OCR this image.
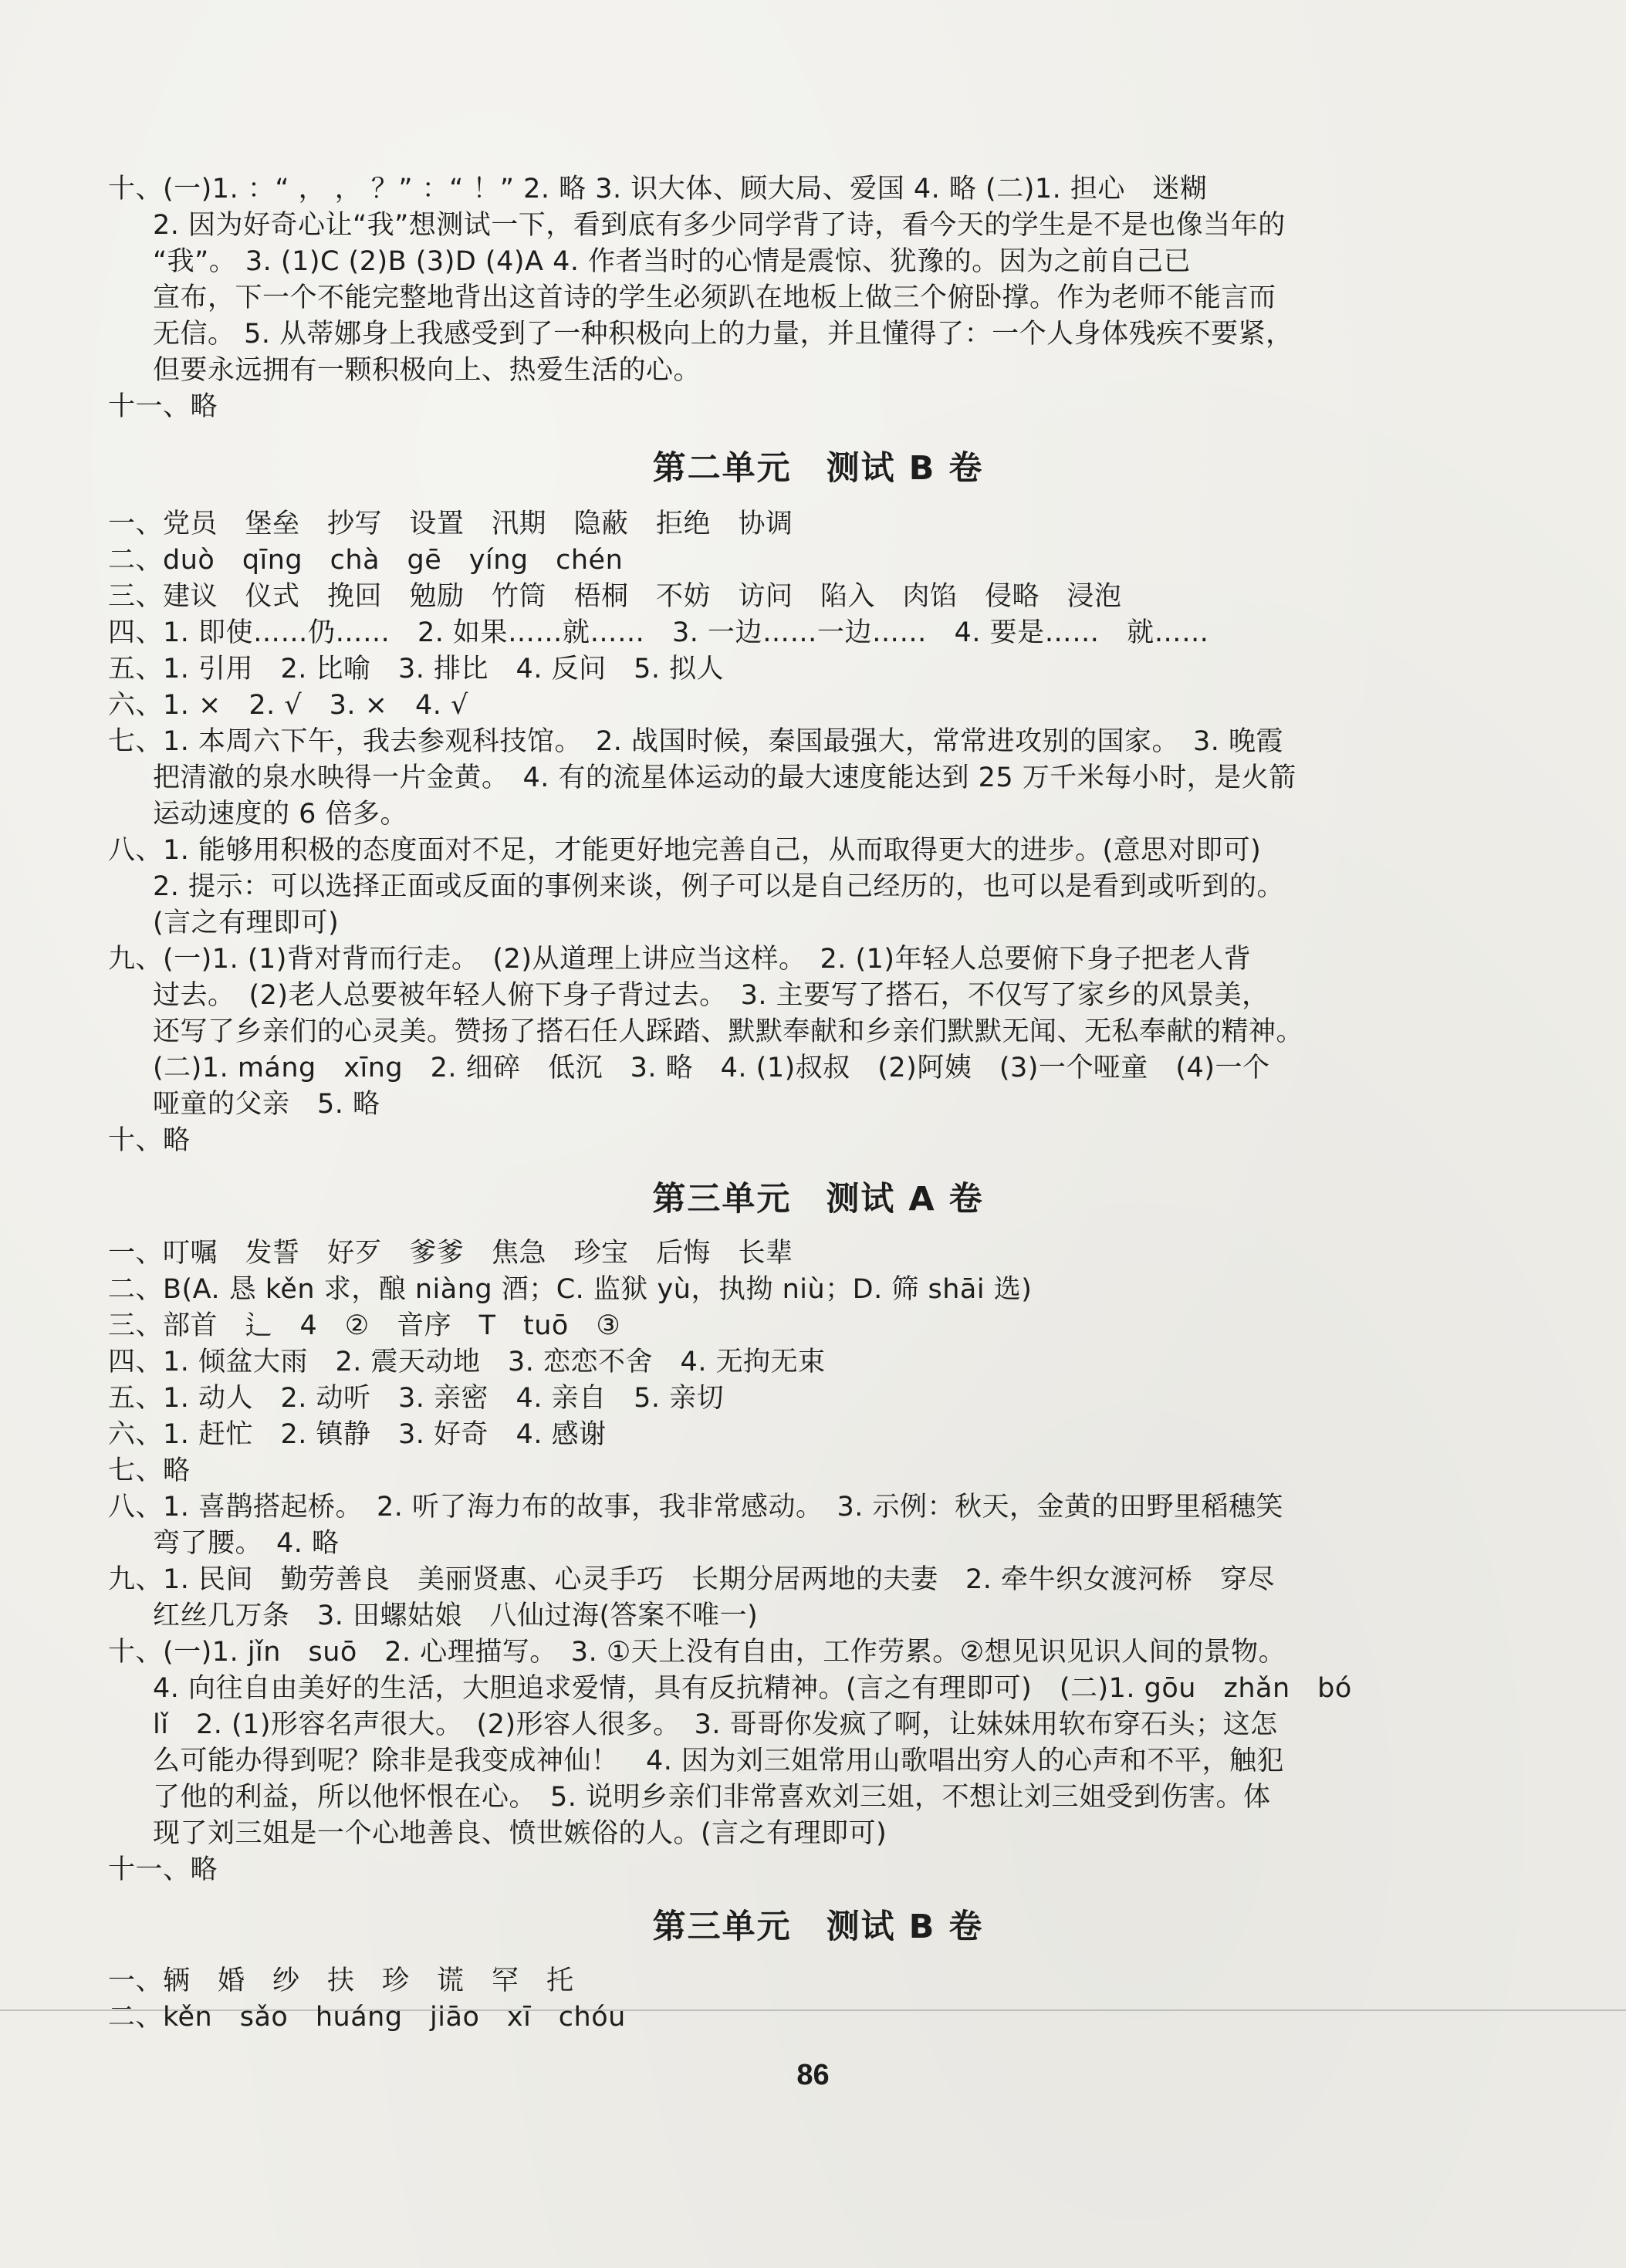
十、(一)1. ：“ ， ， ？” ：“ ！” 2. 略 3. 识大体、顾大局、爱国 4. 略 (二)1. 担心　迷糊
2. 因为好奇心让“我”想测试一下，看到底有多少同学背了诗，看今天的学生是不是也像当年的
“我”。 3. (1)C (2)B (3)D (4)A 4. 作者当时的心情是震惊、犹豫的。因为之前自己已
宣布，下一个不能完整地背出这首诗的学生必须趴在地板上做三个俯卧撑。作为老师不能言而
无信。 5. 从蒂娜身上我感受到了一种积极向上的力量，并且懂得了：一个人身体残疾不要紧，
但要永远拥有一颗积极向上、热爱生活的心。
十一、略
第二单元　测试 B 卷
一、党员　堡垒　抄写　设置　汛期　隐蔽　拒绝　协调
二、duò　qīng　chà　gē　yíng　chén
三、建议　仪式　挽回　勉励　竹筒　梧桐　不妨　访问　陷入　肉馅　侵略　浸泡
四、1. 即使……仍……　2. 如果……就……　3. 一边……一边……　4. 要是……　就……
五、1. 引用　2. 比喻　3. 排比　4. 反问　5. 拟人
六、1. ×　2. √　3. ×　4. √
七、1. 本周六下午，我去参观科技馆。　2. 战国时候，秦国最强大，常常进攻别的国家。　3. 晚霞
把清澈的泉水映得一片金黄。　4. 有的流星体运动的最大速度能达到 25 万千米每小时，是火箭
运动速度的 6 倍多。
八、1. 能够用积极的态度面对不足，才能更好地完善自己，从而取得更大的进步。(意思对即可)
2. 提示：可以选择正面或反面的事例来谈，例子可以是自己经历的，也可以是看到或听到的。
(言之有理即可)
九、(一)1. (1)背对背而行走。　(2)从道理上讲应当这样。　2. (1)年轻人总要俯下身子把老人背
过去。　(2)老人总要被年轻人俯下身子背过去。　3. 主要写了搭石，不仅写了家乡的风景美，
还写了乡亲们的心灵美。赞扬了搭石任人踩踏、默默奉献和乡亲们默默无闻、无私奉献的精神。
(二)1. máng　xīng　2. 细碎　低沉　3. 略　4. (1)叔叔　(2)阿姨　(3)一个哑童　(4)一个
哑童的父亲　5. 略
十、略
第三单元　测试 A 卷
一、叮嘱　发誓　好歹　爹爹　焦急　珍宝　后悔　长辈
二、B(A. 恳 kěn 求，酿 niàng 酒；C. 监狱 yù，执拗 niù；D. 筛 shāi 选)
三、部首　⻍　4　②　音序　T　tuō　③
四、1. 倾盆大雨　2. 震天动地　3. 恋恋不舍　4. 无拘无束
五、1. 动人　2. 动听　3. 亲密　4. 亲自　5. 亲切
六、1. 赶忙　2. 镇静　3. 好奇　4. 感谢
七、略
八、1. 喜鹊搭起桥。　2. 听了海力布的故事，我非常感动。　3. 示例：秋天，金黄的田野里稻穗笑
弯了腰。　4. 略
九、1. 民间　勤劳善良　美丽贤惠、心灵手巧　长期分居两地的夫妻　2. 牵牛织女渡河桥　穿尽
红丝几万条　3. 田螺姑娘　八仙过海(答案不唯一)
十、(一)1. jǐn　suō　2. 心理描写。　3. ①天上没有自由，工作劳累。②想见识见识人间的景物。
4. 向往自由美好的生活，大胆追求爱情，具有反抗精神。(言之有理即可)　(二)1. gōu　zhǎn　bó
lǐ　2. (1)形容名声很大。　(2)形容人很多。　3. 哥哥你发疯了啊，让妹妹用软布穿石头；这怎
么可能办得到呢？除非是我变成神仙！　4. 因为刘三姐常用山歌唱出穷人的心声和不平，触犯
了他的利益，所以他怀恨在心。　5. 说明乡亲们非常喜欢刘三姐，不想让刘三姐受到伤害。体
现了刘三姐是一个心地善良、愤世嫉俗的人。(言之有理即可)
十一、略
第三单元　测试 B 卷
一、辆　婚　纱　扶　珍　谎　罕　托
二、kěn　sǎo　huáng　jiāo　xī　chóu
86
